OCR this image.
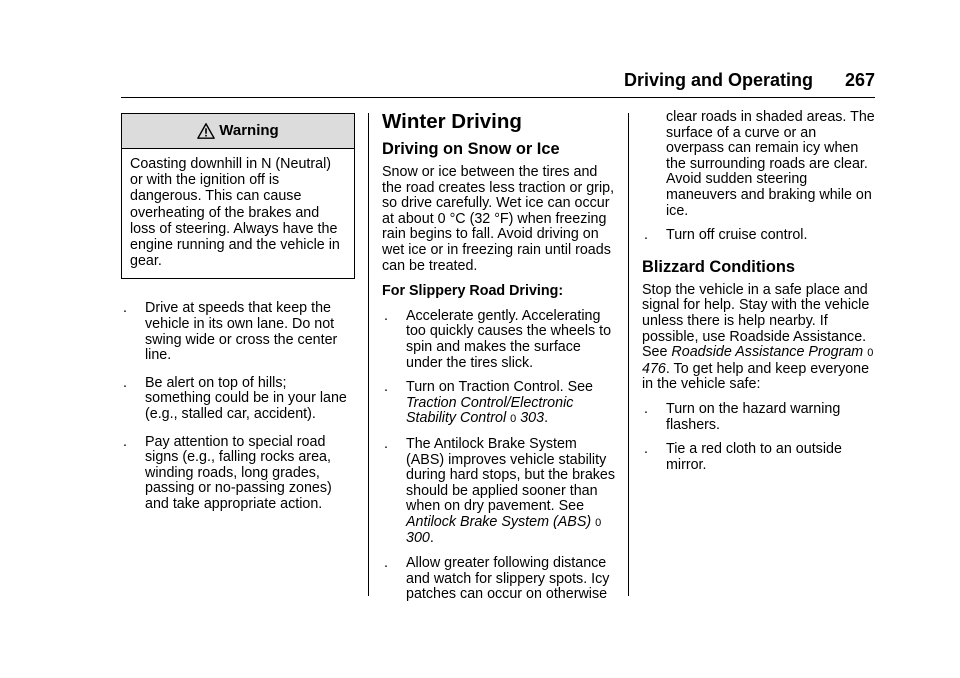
Driving and Operating 267
Warning
Coasting downhill in N (Neutral) or with the ignition off is dangerous. This can cause overheating of the brakes and loss of steering. Always have the engine running and the vehicle in gear.
. Drive at speeds that keep the vehicle in its own lane. Do not swing wide or cross the center line.
. Be alert on top of hills; something could be in your lane (e.g., stalled car, accident).
. Pay attention to special road signs (e.g., falling rocks area, winding roads, long grades, passing or no-passing zones) and take appropriate action.
Winter Driving
Driving on Snow or Ice

Snow or ice between the tires and the road creates less traction or grip, so drive carefully. Wet ice can occur at about 0 °C (32 °F) when freezing rain begins to fall. Avoid driving on wet ice or in freezing rain until roads can be treated.

For Slippery Road Driving:

. Accelerate gently. Accelerating too quickly causes the wheels to spin and makes the surface under the tires slick.
. Turn on Traction Control. See Traction Control/Electronic Stability Control 0 303.
. The Antilock Brake System (ABS) improves vehicle stability during hard stops, but the brakes should be applied sooner than when on dry pavement. See Antilock Brake System (ABS) 0 300.
. Allow greater following distance and watch for slippery spots. Icy patches can occur on otherwise

clear roads in shaded areas. The surface of a curve or an overpass can remain icy when the surrounding roads are clear. Avoid sudden steering maneuvers and braking while on ice.

. Turn off cruise control.
Blizzard Conditions

Stop the vehicle in a safe place and signal for help. Stay with the vehicle unless there is help nearby. If possible, use Roadside Assistance. See Roadside Assistance Program 0 476. To get help and keep everyone in the vehicle safe:

. Turn on the hazard warning flashers.
. Tie a red cloth to an outside mirror.
